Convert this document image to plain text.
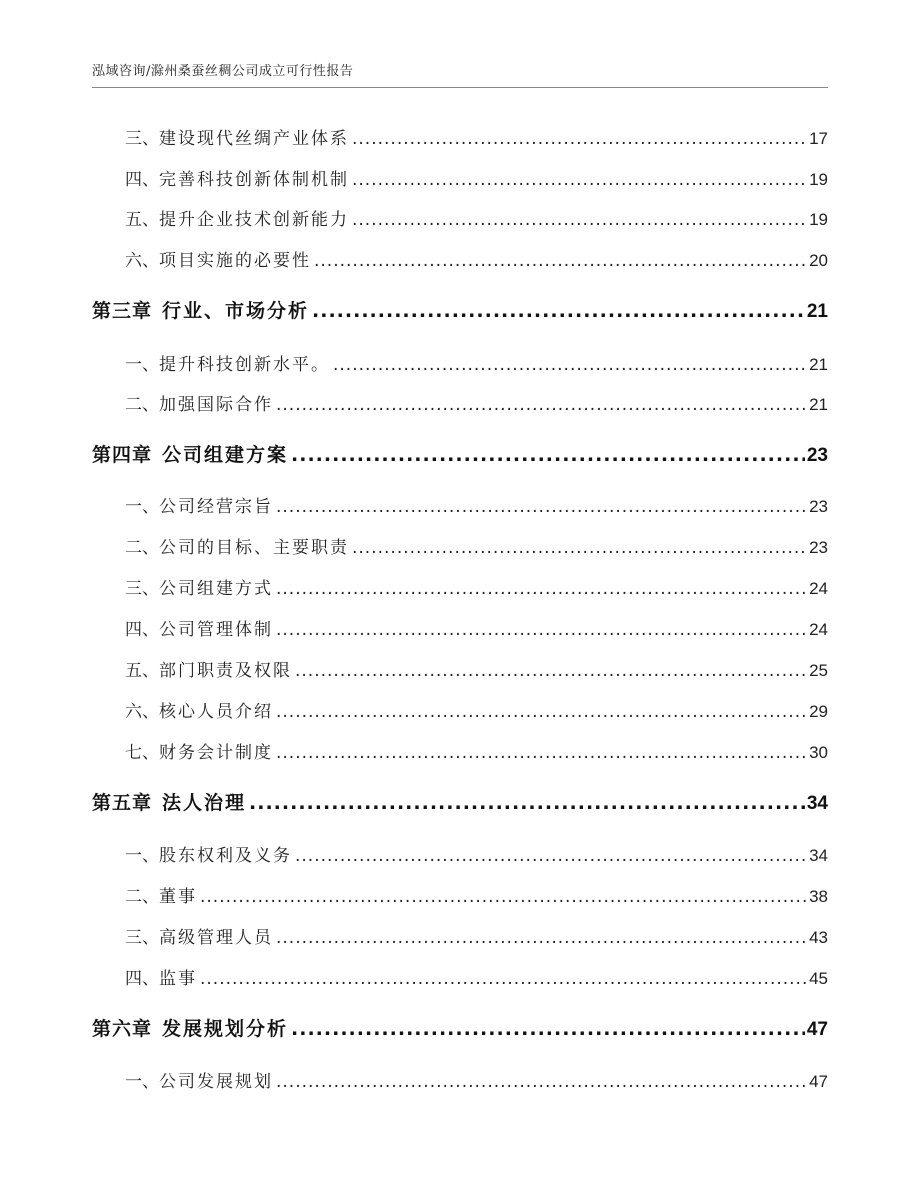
泓域咨询/滁州桑蚕丝稠公司成立可行性报告
三、 建设现代丝绸产业体系 .....	17
四、 完善科技创新体制机制 .....	19
五、 提升企业技术创新能力 .....	19
六、 项目实施的必要性 .....	20
第三章 行业、市场分析 .....	21
一、 提升科技创新水平。 .....	21
二、 加强国际合作 .....	21
第四章 公司组建方案 .....	23
一、 公司经营宗旨 .....	23
二、 公司的目标、主要职责 .....	23
三、 公司组建方式 .....	24
四、 公司管理体制 .....	24
五、 部门职责及权限 .....	25
六、 核心人员介绍 .....	29
七、 财务会计制度 .....	30
第五章 法人治理 .....	34
一、 股东权利及义务 .....	34
二、 董事 .....	38
三、 高级管理人员 .....	43
四、 监事 .....	45
第六章 发展规划分析 .....	47
一、 公司发展规划 .....	47
